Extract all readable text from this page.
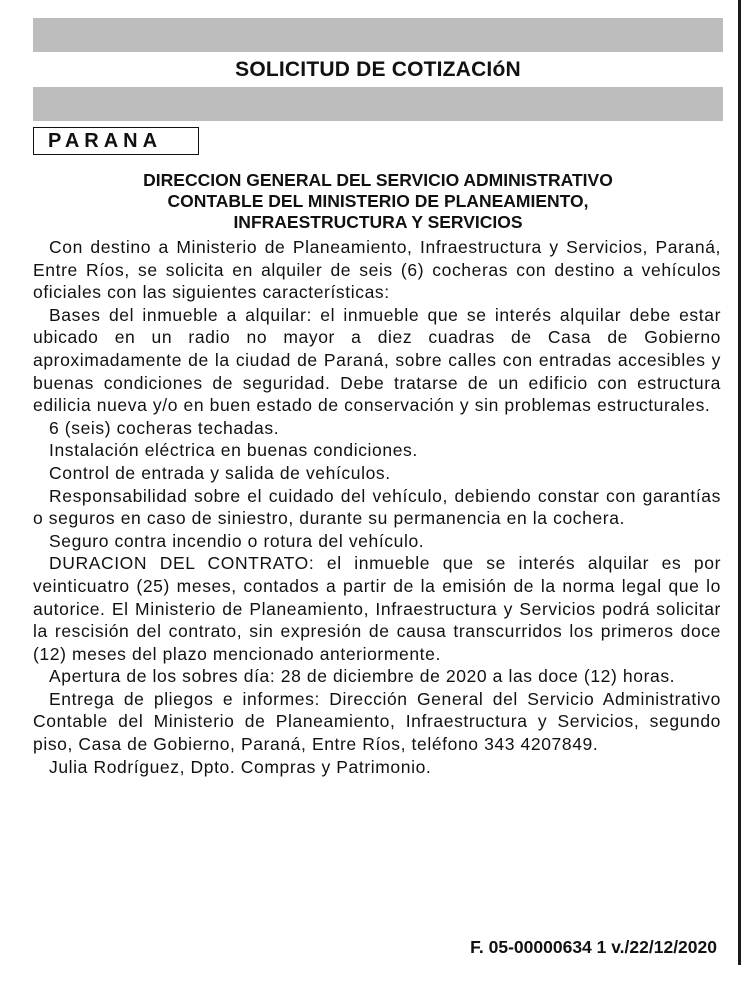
SOLICITUD DE COTIZACIóN
PARANA
DIRECCION GENERAL DEL SERVICIO ADMINISTRATIVO
CONTABLE DEL MINISTERIO DE PLANEAMIENTO,
INFRAESTRUCTURA Y SERVICIOS

Con destino a Ministerio de Planeamiento, Infraestructura y Servicios, Paraná, Entre Ríos, se solicita en alquiler de seis (6) cocheras con destino a vehículos oficiales con las siguientes características:

Bases del inmueble a alquilar: el inmueble que se interés alquilar debe estar ubicado en un radio no mayor a diez cuadras de Casa de Gobierno aproximadamente de la ciudad de Paraná, sobre calles con entradas accesibles y buenas condiciones de seguridad. Debe tratarse de un edificio con estructura edilicia nueva y/o en buen estado de conservación y sin problemas estructurales.

6 (seis) cocheras techadas.

Instalación eléctrica en buenas condiciones.

Control de entrada y salida de vehículos.

Responsabilidad sobre el cuidado del vehículo, debiendo constar con garantías o seguros en caso de siniestro, durante su permanencia en la cochera.

Seguro contra incendio o rotura del vehículo.

DURACION DEL CONTRATO: el inmueble que se interés alquilar es por veinticuatro (25) meses, contados a partir de la emisión de la norma legal que lo autorice. El Ministerio de Planeamiento, Infraestructura y Servicios podrá solicitar la rescisión del contrato, sin expresión de causa transcurridos los primeros doce (12) meses del plazo mencionado anteriormente.

Apertura de los sobres día: 28 de diciembre de 2020 a las doce (12) horas.

Entrega de pliegos e informes: Dirección General del Servicio Administrativo Contable del Ministerio de Planeamiento, Infraestructura y Servicios, segundo piso, Casa de Gobierno, Paraná, Entre Ríos, teléfono 343 4207849.

Julia Rodríguez, Dpto. Compras y Patrimonio.

F. 05-00000634 1 v./22/12/2020
